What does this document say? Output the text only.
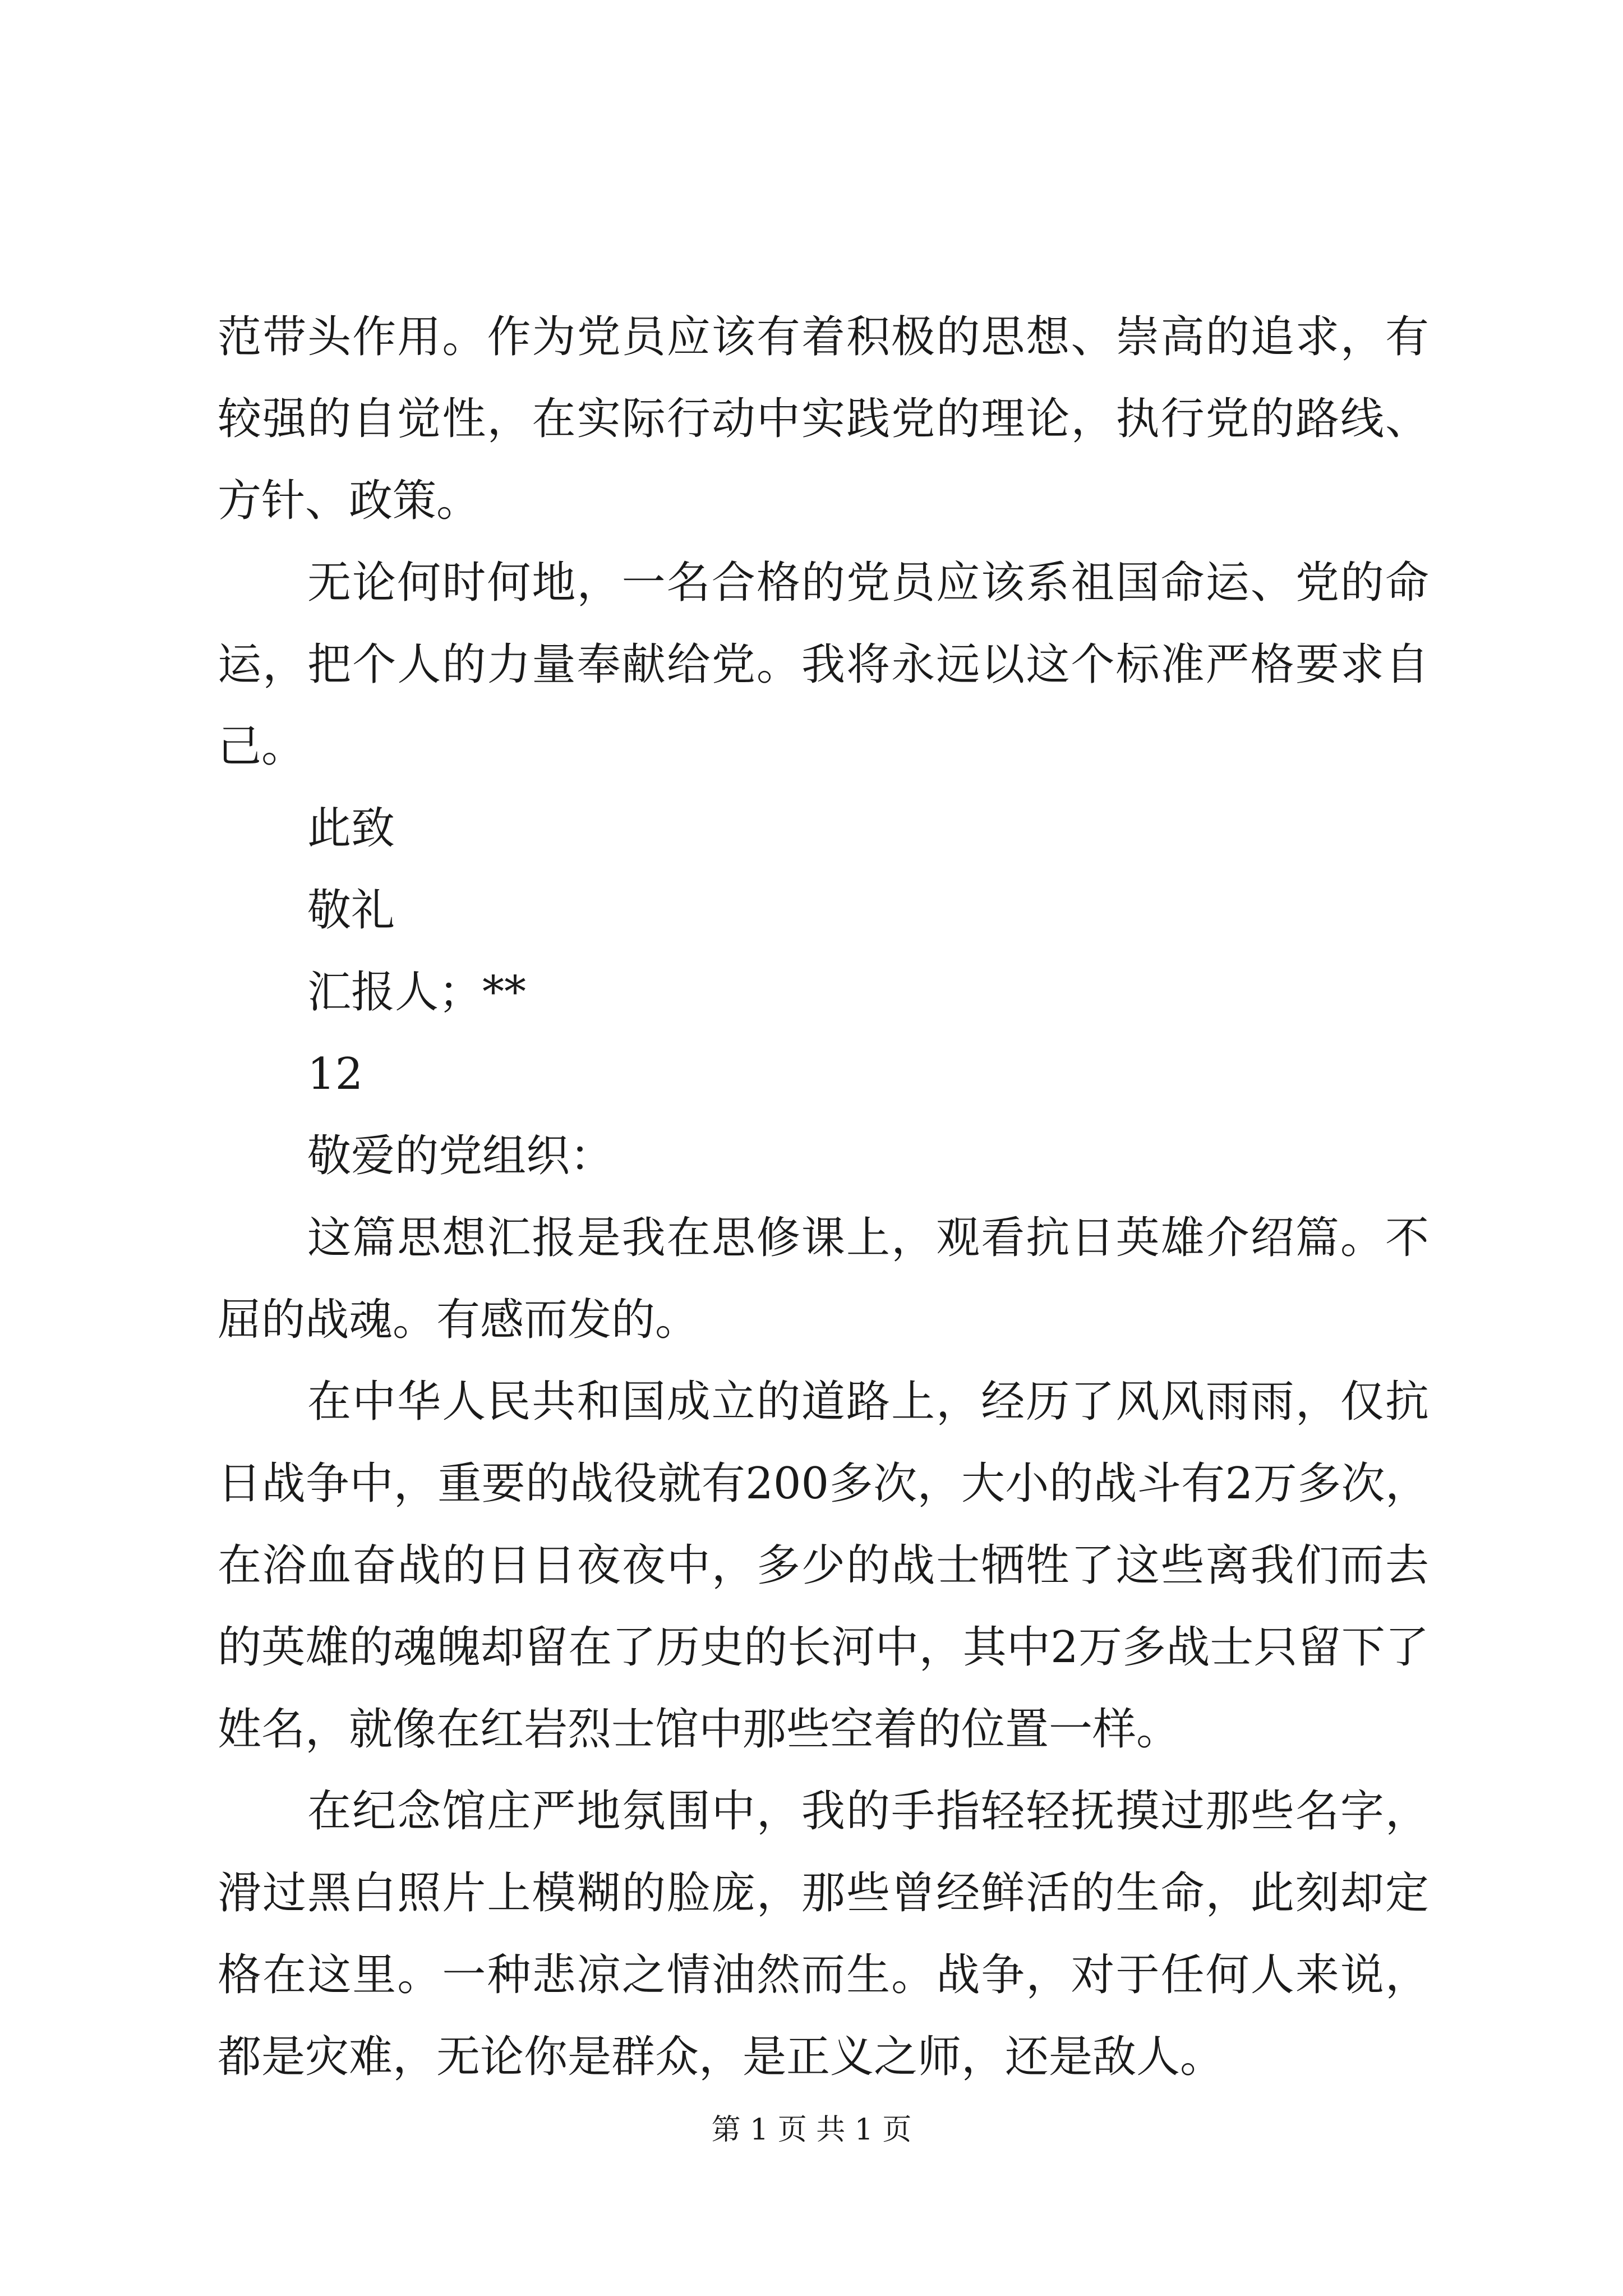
范带头作用。作为党员应该有着积极的思想、崇高的追求，有较强的自觉性，在实际行动中实践党的理论，执行党的路线、方针、政策。

无论何时何地，一名合格的党员应该系祖国命运、党的命运，把个人的力量奉献给党。我将永远以这个标准严格要求自己。

此致

敬礼

汇报人；**

12

敬爱的党组织：

这篇思想汇报是我在思修课上，观看抗日英雄介绍篇。不屈的战魂。有感而发的。

在中华人民共和国成立的道路上，经历了风风雨雨，仅抗日战争中，重要的战役就有200多次，大小的战斗有2万多次，在浴血奋战的日日夜夜中，多少的战士牺牲了这些离我们而去的英雄的魂魄却留在了历史的长河中，其中2万多战士只留下了姓名，就像在红岩烈士馆中那些空着的位置一样。

在纪念馆庄严地氛围中，我的手指轻轻抚摸过那些名字，滑过黑白照片上模糊的脸庞，那些曾经鲜活的生命，此刻却定格在这里。一种悲凉之情油然而生。战争，对于任何人来说，都是灾难，无论你是群众，是正义之师，还是敌人。

第 1 页 共 1 页
